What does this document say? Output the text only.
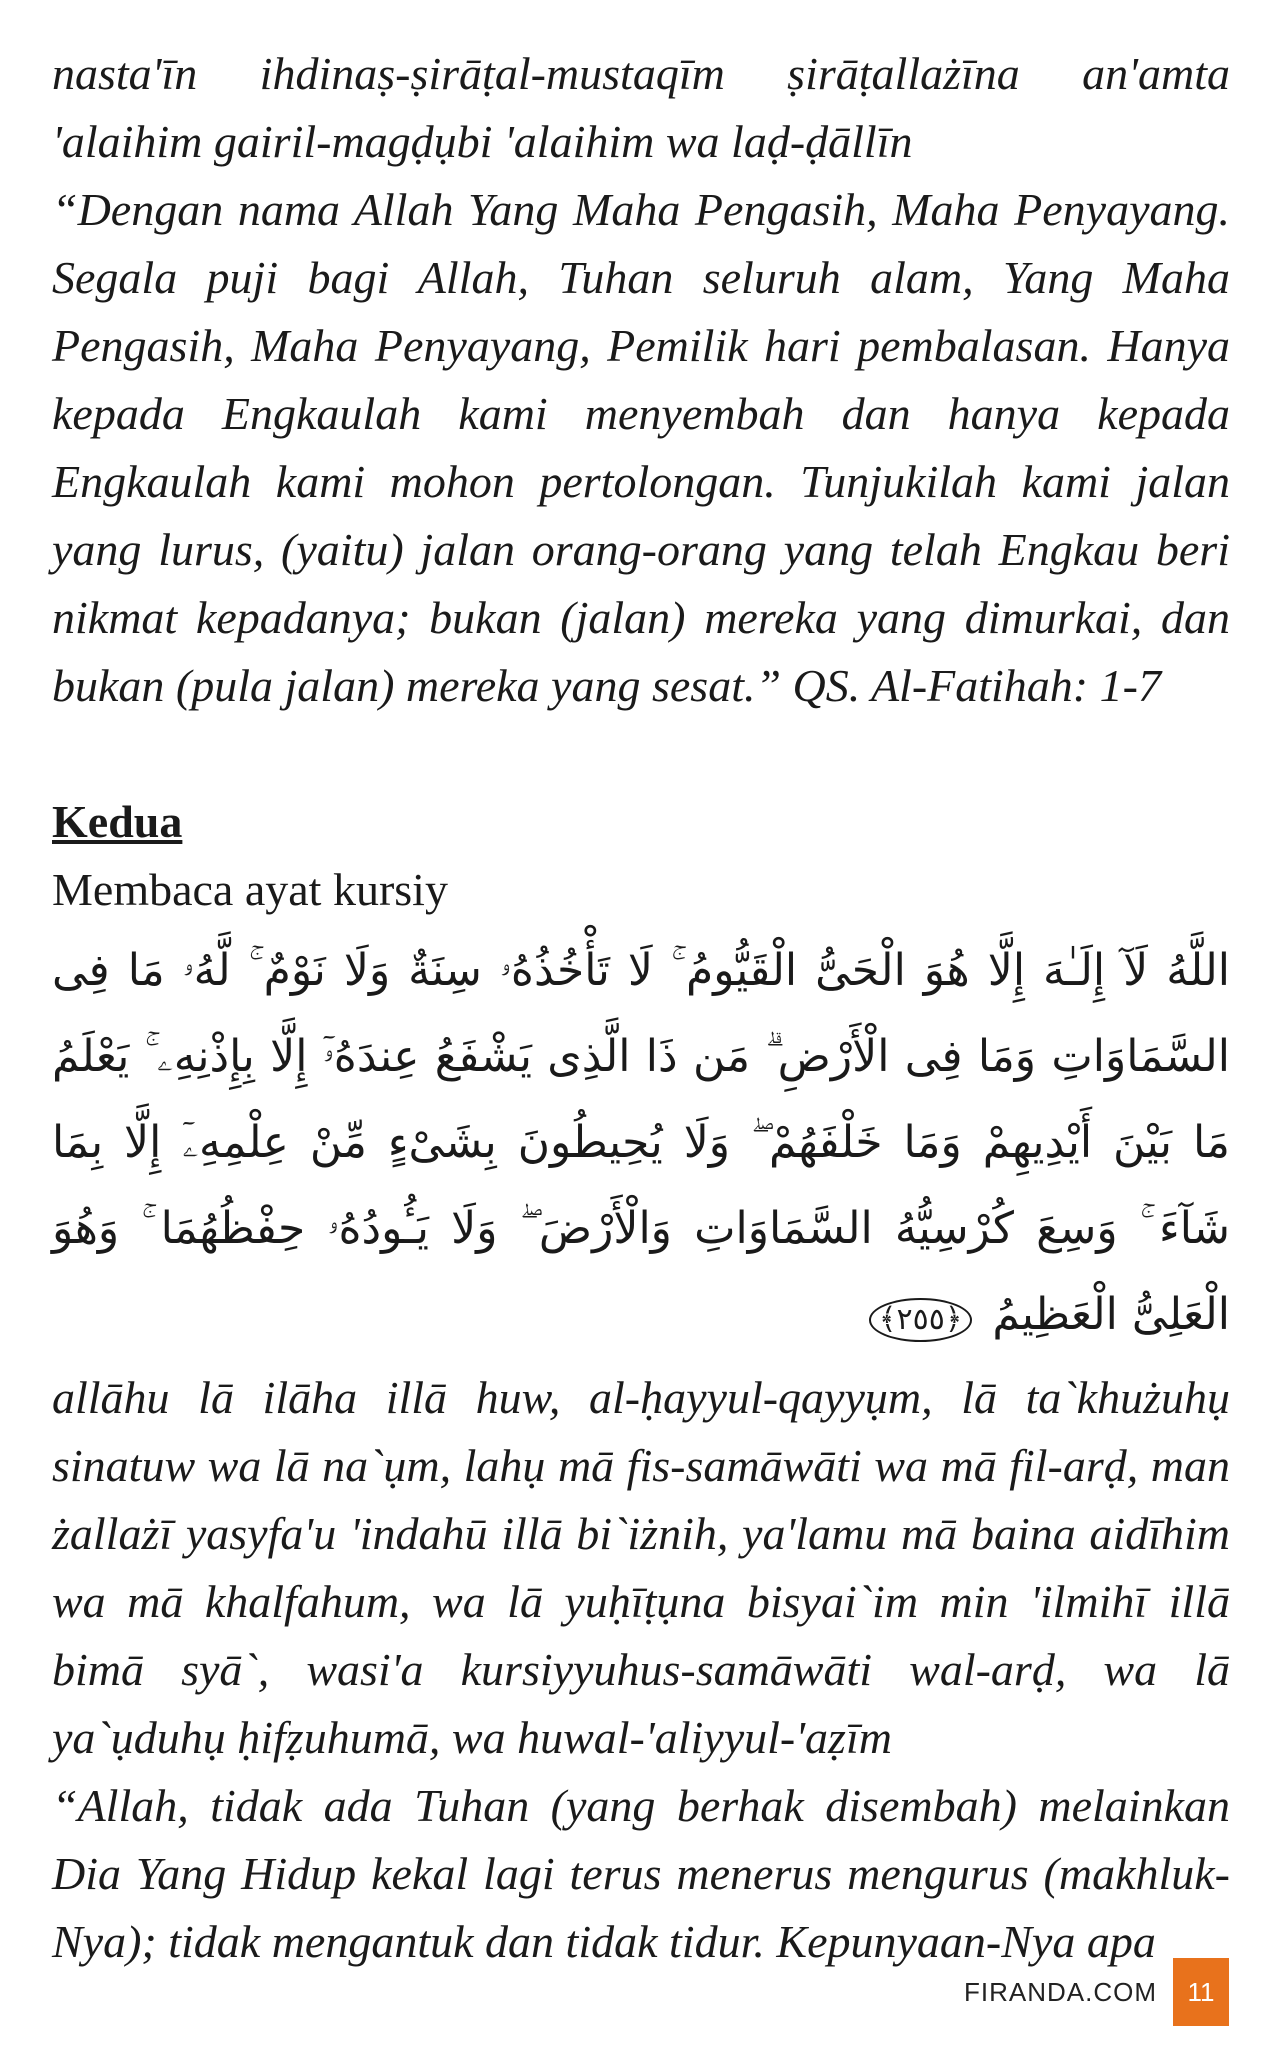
nasta'īn ihdinaṣ-ṣirāṭal-mustaqīm ṣirāṭallażīna an'amta

'alaihim gairil-magḍụbi 'alaihim wa laḍ-ḍāllīn

“Dengan nama Allah Yang Maha Pengasih, Maha Penyayang. Segala puji bagi Allah, Tuhan seluruh alam, Yang Maha Pengasih, Maha Penyayang, Pemilik hari pembalasan. Hanya kepada Engkaulah kami menyembah dan hanya kepada Engkaulah kami mohon pertolongan. Tunjukilah kami jalan yang lurus, (yaitu) jalan orang-orang yang telah Engkau beri nikmat kepadanya; bukan (jalan) mereka yang dimurkai, dan bukan (pula jalan) mereka yang sesat.” QS. Al-Fatihah: 1-7

Kedua

Membaca ayat kursiy

اللَّهُ لَآ إِلَـٰهَ إِلَّا هُوَ الْحَىُّ الْقَيُّومُ ۚ لَا تَأْخُذُهُۥ سِنَةٌ وَلَا نَوْمٌ ۚ لَّهُۥ مَا فِى السَّمَاوَاتِ وَمَا فِى الْأَرْضِ ۗ مَن ذَا الَّذِى يَشْفَعُ عِندَهُۥٓ إِلَّا بِإِذْنِهِۦ ۚ يَعْلَمُ مَا بَيْنَ أَيْدِيهِمْ وَمَا خَلْفَهُمْ ۖ وَلَا يُحِيطُونَ بِشَىْءٍ مِّنْ عِلْمِهِۦٓ إِلَّا بِمَا شَآءَ ۚ وَسِعَ كُرْسِيُّهُ السَّمَاوَاتِ وَالْأَرْضَ ۖ وَلَا يَـُٔودُهُۥ حِفْظُهُمَا ۚ وَهُوَ الْعَلِىُّ الْعَظِيمُ ﴿٢٥٥﴾

allāhu lā ilāha illā huw, al-ḥayyul-qayyụm, lā ta`khużuhụ sinatuw wa lā na`ụm, lahụ mā fis-samāwāti wa mā fil-arḍ, man żallażī yasyfa'u 'indahū illā bi`iżnih, ya'lamu mā baina aidīhim wa mā khalfahum, wa lā yuḥīṭụna bisyai`im min 'ilmihī illā bimā syā`, wasi'a kursiyyuhus-samāwāti wal-arḍ, wa lā ya`ụduhụ ḥifẓuhumā, wa huwal-'aliyyul-'aẓīm

“Allah, tidak ada Tuhan (yang berhak disembah) melainkan Dia Yang Hidup kekal lagi terus menerus mengurus (makhluk-Nya); tidak mengantuk dan tidak tidur. Kepunyaan-Nya apa

FIRANDA.COM	11
